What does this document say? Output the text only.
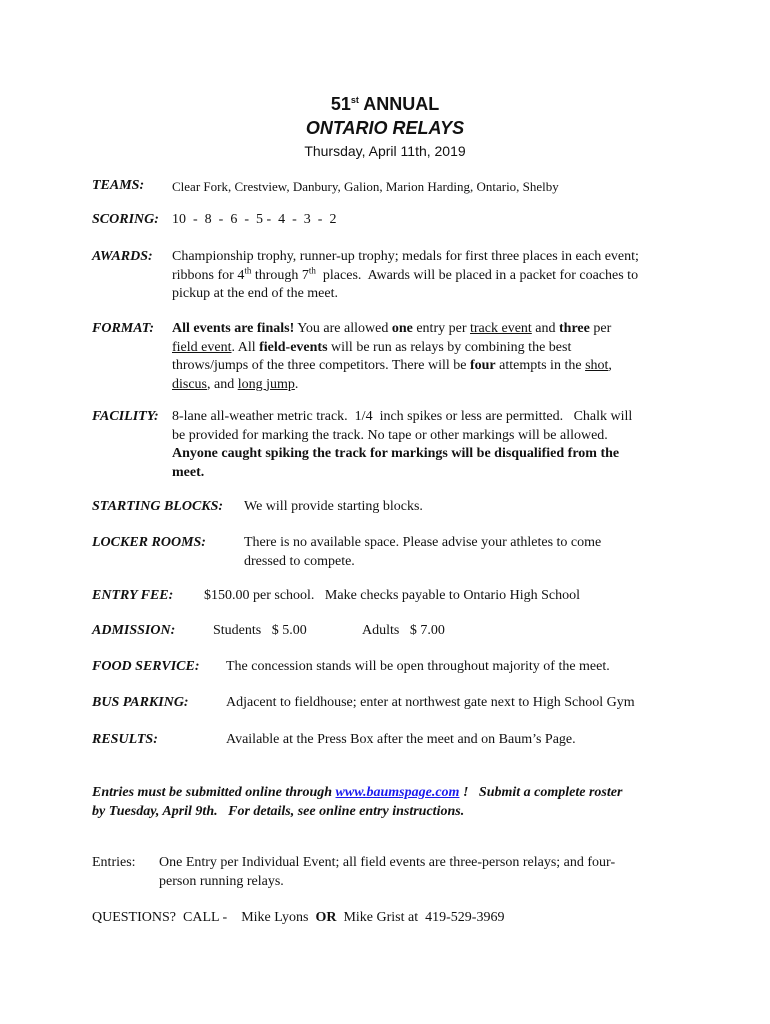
51st ANNUAL
ONTARIO RELAYS
Thursday, April 11th, 2019
TEAMS: Clear Fork, Crestview, Danbury, Galion, Marion Harding, Ontario, Shelby
SCORING: 10  -  8  -  6  -  5 -  4  -  3  -  2
AWARDS: Championship trophy, runner-up trophy; medals for first three places in each event;
ribbons for 4th through 7th  places.  Awards will be placed in a packet for coaches to
pickup at the end of the meet.
FORMAT: All events are finals! You are allowed one entry per track event and three per
field event. All field-events will be run as relays by combining the best
throws/jumps of the three competitors. There will be four attempts in the shot,
discus, and long jump.
FACILITY: 8-lane all-weather metric track.  1/4  inch spikes or less are permitted.   Chalk will
be provided for marking the track. No tape or other markings will be allowed.
Anyone caught spiking the track for markings will be disqualified from the
meet.
STARTING BLOCKS: We will provide starting blocks.
LOCKER ROOMS:	There is no available space. Please advise your athletes to come
dressed to compete.
ENTRY FEE: $150.00 per school.   Make checks payable to Ontario High School
ADMISSION:	Students   $ 5.00	Adults   $ 7.00
FOOD SERVICE: The concession stands will be open throughout majority of the meet.
BUS PARKING:	Adjacent to fieldhouse; enter at northwest gate next to High School Gym
RESULTS:	Available at the Press Box after the meet and on Baum’s Page.
Entries must be submitted online through www.baumspage.com !   Submit a complete roster
by Tuesday, April 9th.   For details, see online entry instructions.
Entries: One Entry per Individual Event; all field events are three-person relays; and four-
person running relays.
QUESTIONS?  CALL -    Mike Lyons  OR  Mike Grist at  419-529-3969
